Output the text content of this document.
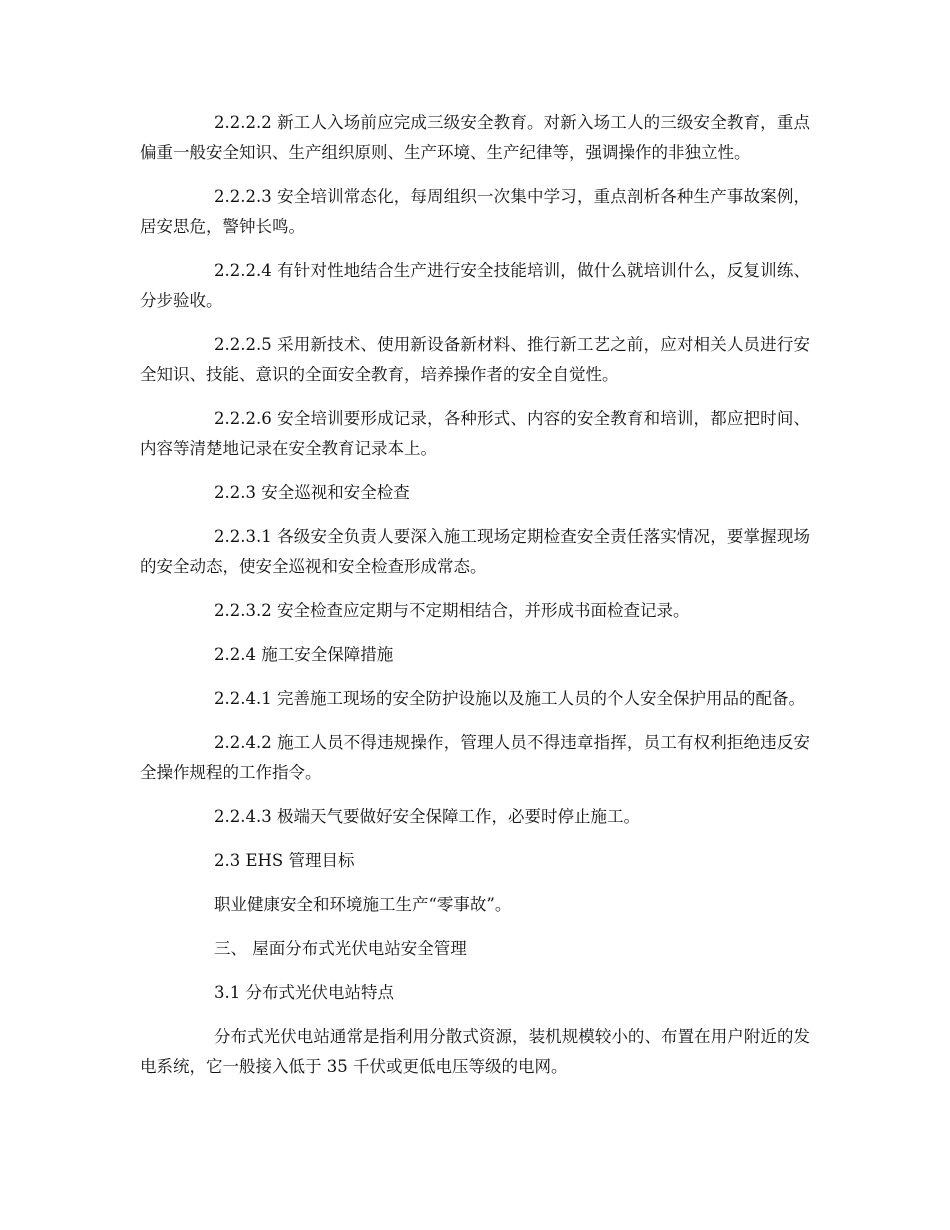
2.2.2.2 新工人入场前应完成三级安全教育。对新入场工人的三级安全教育，重点偏重一般安全知识、生产组织原则、生产环境、生产纪律等，强调操作的非独立性。

2.2.2.3 安全培训常态化，每周组织一次集中学习，重点剖析各种生产事故案例，居安思危，警钟长鸣。

2.2.2.4 有针对性地结合生产进行安全技能培训，做什么就培训什么，反复训练、分步验收。

2.2.2.5 采用新技术、使用新设备新材料、推行新工艺之前，应对相关人员进行安全知识、技能、意识的全面安全教育，培养操作者的安全自觉性。

2.2.2.6 安全培训要形成记录，各种形式、内容的安全教育和培训，都应把时间、内容等清楚地记录在安全教育记录本上。

2.2.3 安全巡视和安全检查

2.2.3.1 各级安全负责人要深入施工现场定期检查安全责任落实情况，要掌握现场的安全动态，使安全巡视和安全检查形成常态。

2.2.3.2 安全检查应定期与不定期相结合，并形成书面检查记录。

2.2.4 施工安全保障措施

2.2.4.1 完善施工现场的安全防护设施以及施工人员的个人安全保护用品的配备。

2.2.4.2 施工人员不得违规操作，管理人员不得违章指挥，员工有权利拒绝违反安全操作规程的工作指令。

2.2.4.3 极端天气要做好安全保障工作，必要时停止施工。

2.3 EHS 管理目标

职业健康安全和环境施工生产“零事故”。

三、 屋面分布式光伏电站安全管理

3.1 分布式光伏电站特点

分布式光伏电站通常是指利用分散式资源，装机规模较小的、布置在用户附近的发电系统，它一般接入低于 35 千伏或更低电压等级的电网。
